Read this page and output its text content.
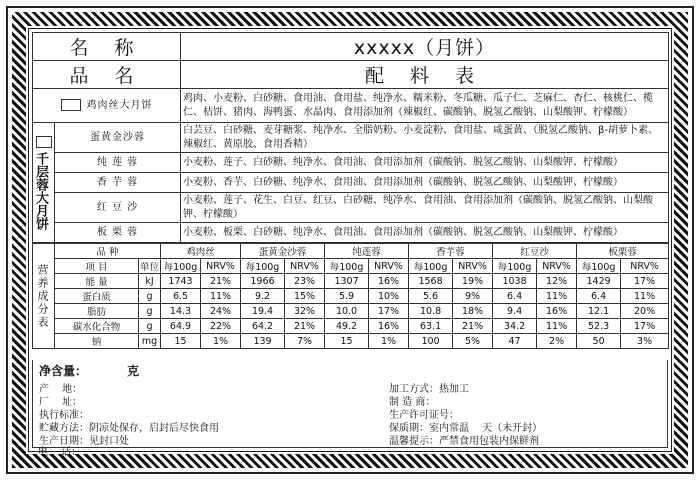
名 称		xxxxx（月饼）
品 名		配 料 表
鸡肉丝大月饼		鸡肉、小麦粉、白砂糖、食用油、食用盐、纯净水、糯米粉、冬瓜糖、瓜子仁、芝麻仁、杏仁、核桃仁、榄仁、桔饼、猪肉、海鸭蛋、水晶肉、食用添加剂（辣椒红、碳酸钠、脱氢乙酸钠、山梨酸钾、柠檬酸）

千层蓉大月饼	蛋黄金沙蓉	白芸豆、白砂糖、麦芽糖浆、纯净水、全脂奶粉、小麦淀粉、食用盐、咸蛋黄、（脱氢乙酸钠、β-胡萝卜素、辣椒红、黄原胶、食用香精）
	纯 莲 蓉	小麦粉、莲子、白砂糖、纯净水、食用油、食用添加剂（碳酸钠、脱氢乙酸钠、山梨酸钾、柠檬酸）
	香 芋 蓉	小麦粉、香芋、白砂糖、纯净水、食用油、食用添加剂（碳酸钠、脱氢乙酸钠、山梨酸钾、柠檬酸）
	红 豆 沙	小麦粉、莲子、花生、白豆、红豆、白砂糖、纯净水、食用油、食用添加剂（碳酸钠、脱氢乙酸钠、山梨酸钾、柠檬酸）
	板 栗 蓉	小麦粉、板栗、白砂糖、纯净水、食用油、食用添加剂（碳酸钠、脱氢乙酸钠、山梨酸钾、柠檬酸）
营养成分表	品 种		鸡肉丝		蛋黄金沙蓉		纯莲蓉		香芋蓉		红豆沙		板栗蓉	
	项 目	单位	每100g	NRV%	每100g	NRV%	每100g	NRV%	每100g	NRV%	每100g	NRV%	每100g	NRV%
	能 量	kJ	1743	21%	1966	23%	1307	16%	1568	19%	1038	12%	1429	17%
	蛋白质	g	6.5	11%	9.2	15%	5.9	10%	5.6	9%	6.4	11%	6.4	11%
	脂肪	g	14.3	24%	19.4	32%	10.0	17%	10.8	18%	9.4	16%	12.1	20%
	碳水化合物	g	64.9	22%	64.2	21%	49.2	16%	63.1	21%	34.2	11%	52.3	17%
	钠	mg	15	1%	139	7%	15	1%	100	5%	47	2%	50	3%
净含量：	克
产　 地：
厂　 址：
执行标准：
贮藏方法：阴凉处保存，启封后尽快食用
生产日期：见封口处
加工方式：热加工
制 造 商：
生产许可证号：
保质期：室内常温　 天（未开封）
温馨提示：严禁食用包装内保鲜剂
电　 话：
